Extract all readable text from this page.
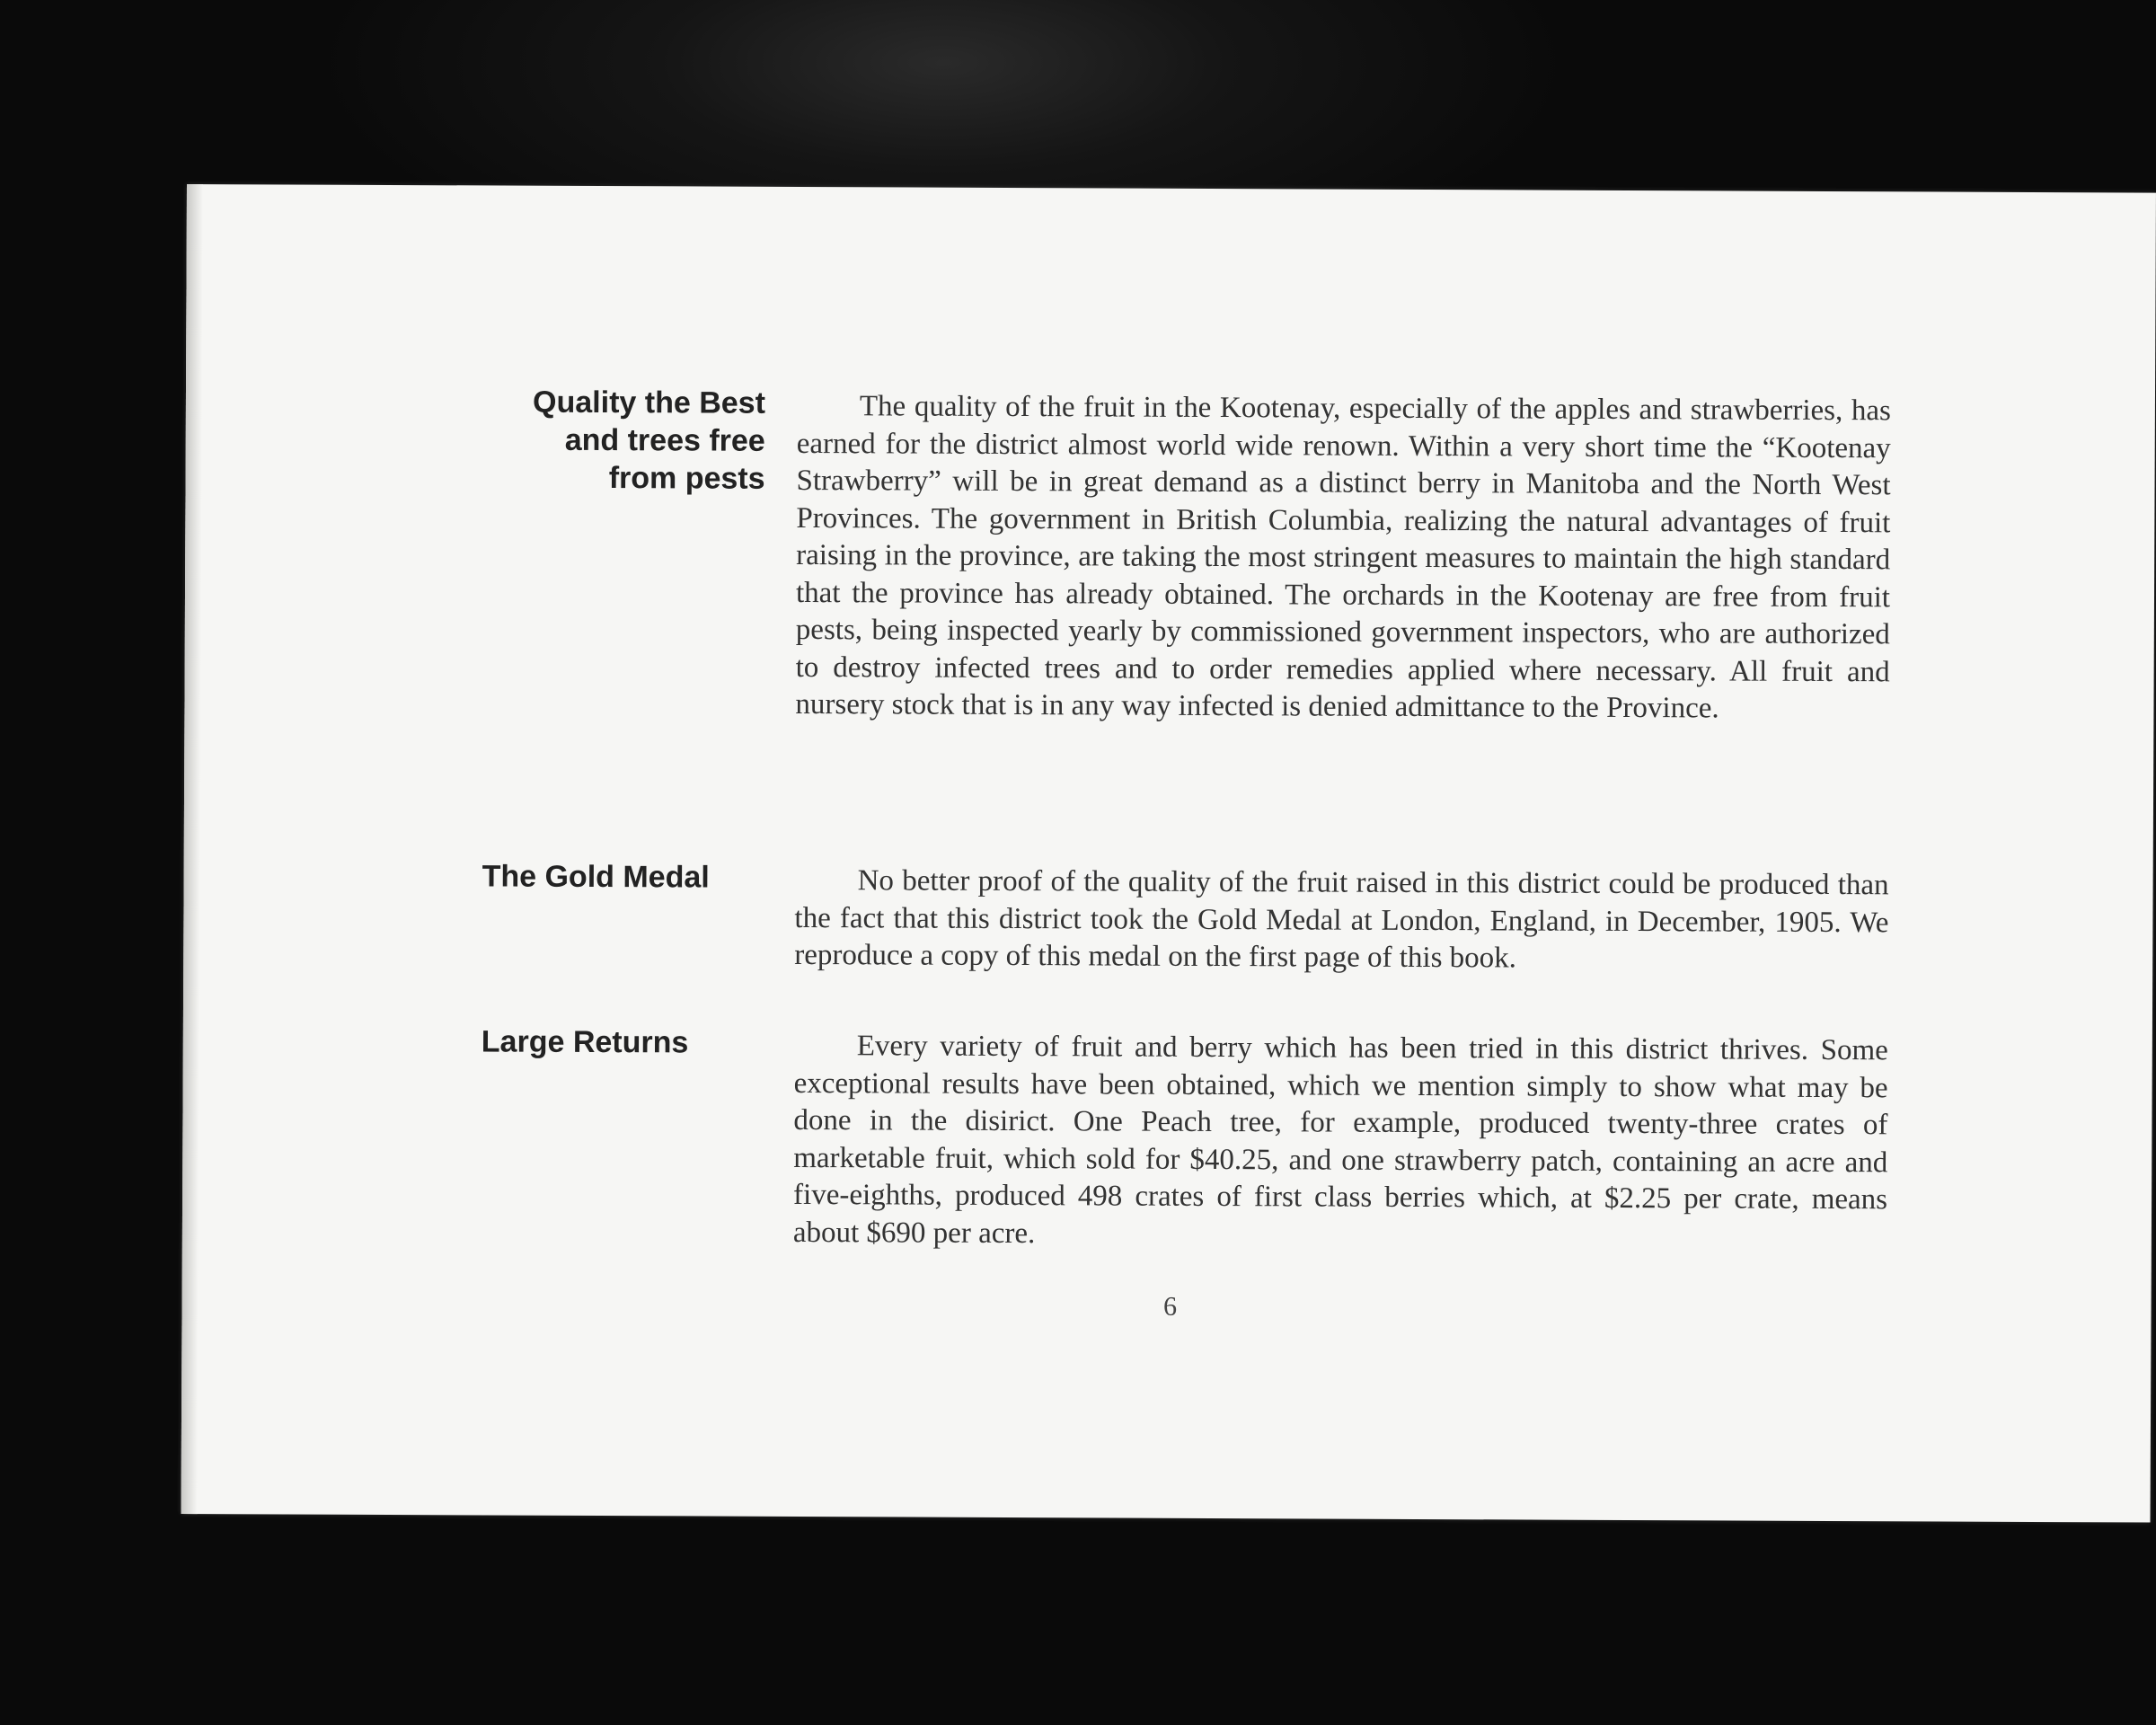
Quality the Best
and trees free
from pests

The quality of the fruit in the Kootenay, especially of the apples and strawberries, has earned for the district almost world wide renown. Within a very short time the “Kootenay Strawberry” will be in great demand as a distinct berry in Manitoba and the North West Provinces. The government in British Columbia, realizing the natural advantages of fruit raising in the province, are taking the most stringent measures to maintain the high standard that the province has already obtained. The orchards in the Kootenay are free from fruit pests, being inspected yearly by commissioned government inspectors, who are authorized to destroy infected trees and to order remedies applied where necessary. All fruit and nursery stock that is in any way infected is denied admittance to the Province.

The Gold Medal	No better proof of the quality of the fruit raised in this district could be produced than the fact that this district took the Gold Medal at London, England, in December, 1905. We reproduce a copy of this medal on the first page of this book.

Large Returns	Every variety of fruit and berry which has been tried in this district thrives. Some exceptional results have been obtained, which we mention simply to show what may be done in the disirict. One Peach tree, for example, produced twenty-three crates of marketable fruit, which sold for $40.25, and one strawberry patch, containing an acre and five-eighths, produced 498 crates of first class berries which, at $2.25 per crate, means about $690 per acre.

6
